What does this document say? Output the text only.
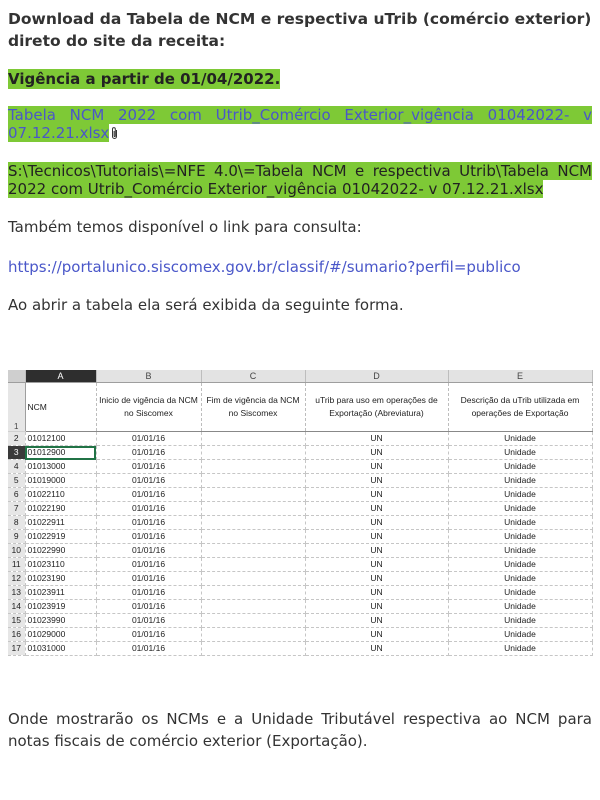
Download da Tabela de NCM e respectiva uTrib (comércio exterior) direto do site da receita:
Vigência a partir de 01/04/2022.
Tabela NCM 2022 com Utrib_Comércio Exterior_vigência 01042022- v 07.12.21.xlsx
S:\Tecnicos\Tutoriais\=NFE 4.0\=Tabela NCM e respectiva Utrib\Tabela NCM 2022 com Utrib_Comércio Exterior_vigência 01042022- v 07.12.21.xlsx
Também temos disponível o link para consulta:
https://portalunico.siscomex.gov.br/classif/#/sumario?perfil=publico
Ao abrir a tabela ela será exibida da seguinte forma.
	A	B	C	D	E
1	NCM	Inicio de vigência da NCM no Siscomex	Fim de vigência da NCM no Siscomex	uTrib para uso em operações de Exportação (Abreviatura)	Descrição da uTrib utilizada em operações de Exportação
2	01012100	01/01/16		UN	Unidade
3	01012900	01/01/16		UN	Unidade
4	01013000	01/01/16		UN	Unidade
5	01019000	01/01/16		UN	Unidade
6	01022110	01/01/16		UN	Unidade
7	01022190	01/01/16		UN	Unidade
8	01022911	01/01/16		UN	Unidade
9	01022919	01/01/16		UN	Unidade
10	01022990	01/01/16		UN	Unidade
11	01023110	01/01/16		UN	Unidade
12	01023190	01/01/16		UN	Unidade
13	01023911	01/01/16		UN	Unidade
14	01023919	01/01/16		UN	Unidade
15	01023990	01/01/16		UN	Unidade
16	01029000	01/01/16		UN	Unidade
17	01031000	01/01/16		UN	Unidade
Onde mostrarão os NCMs e a Unidade Tributável respectiva ao NCM para notas fiscais de comércio exterior (Exportação).
